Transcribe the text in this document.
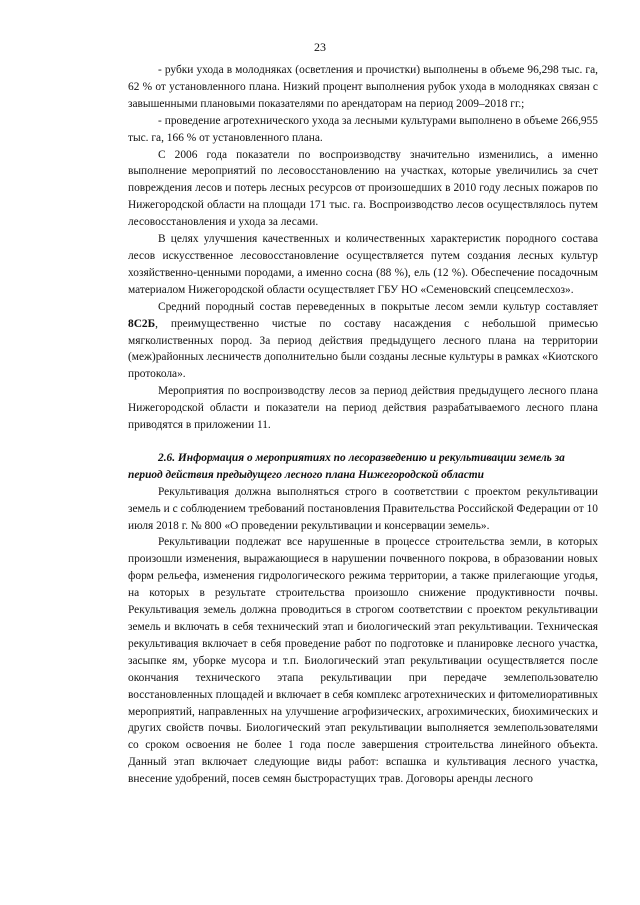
23

- рубки ухода в молодняках (осветления и прочистки) выполнены в объеме 96,298 тыс. га, 62 % от установленного плана. Низкий процент выполнения рубок ухода в молодняках связан с завышенными плановыми показателями по арендаторам на период 2009–2018 гг.;

- проведение агротехнического ухода за лесными культурами выполнено в объеме 266,955 тыс. га, 166 % от установленного плана.

С 2006 года показатели по воспроизводству значительно изменились, а именно выполнение мероприятий по лесовосстановлению на участках, которые увеличились за счет повреждения лесов и потерь лесных ресурсов от произошедших в 2010 году лесных пожаров по Нижегородской области на площади 171 тыс. га. Воспроизводство лесов осуществлялось путем лесовосстановления и ухода за лесами.

В целях улучшения качественных и количественных характеристик породного состава лесов искусственное лесовосстановление осуществляется путем создания лесных культур хозяйственно-ценными породами, а именно сосна (88 %), ель (12 %). Обеспечение посадочным материалом Нижегородской области осуществляет ГБУ НО «Семеновский спецсемлесхоз».

Средний породный состав переведенных в покрытые лесом земли культур составляет 8С2Б, преимущественно чистые по составу насаждения с небольшой примесью мягколиственных пород. За период действия предыдущего лесного плана на территории (меж)районных лесничеств дополнительно были созданы лесные культуры в рамках «Киотского протокола».

Мероприятия по воспроизводству лесов за период действия предыдущего лесного плана Нижегородской области и показатели на период действия разрабатываемого лесного плана приводятся в приложении 11.

2.6. Информация о мероприятиях по лесоразведению и рекультивации земель за

период действия предыдущего лесного плана Нижегородской области

Рекультивация должна выполняться строго в соответствии с проектом рекультивации земель и с соблюдением требований постановления Правительства Российской Федерации от 10 июля 2018 г. № 800 «О проведении рекультивации и консервации земель».

Рекультивации подлежат все нарушенные в процессе строительства земли, в которых произошли изменения, выражающиеся в нарушении почвенного покрова, в образовании новых форм рельефа, изменения гидрологического режима территории, а также прилегающие угодья, на которых в результате строительства произошло снижение продуктивности почвы. Рекультивация земель должна проводиться в строгом соответствии с проектом рекультивации земель и включать в себя технический этап и биологический этап рекультивации. Техническая рекультивация включает в себя проведение работ по подготовке и планировке лесного участка, засыпке ям, уборке мусора и т.п. Биологический этап рекультивации осуществляется после окончания технического этапа рекультивации при передаче землепользователю восстановленных площадей и включает в себя комплекс агротехнических и фитомелиоративных мероприятий, направленных на улучшение агрофизических, агрохимических, биохимических и других свойств почвы. Биологический этап рекультивации выполняется землепользователями со сроком освоения не более 1 года после завершения строительства линейного объекта. Данный этап включает следующие виды работ: вспашка и культивация лесного участка, внесение удобрений, посев семян быстрорастущих трав. Договоры аренды лесного
